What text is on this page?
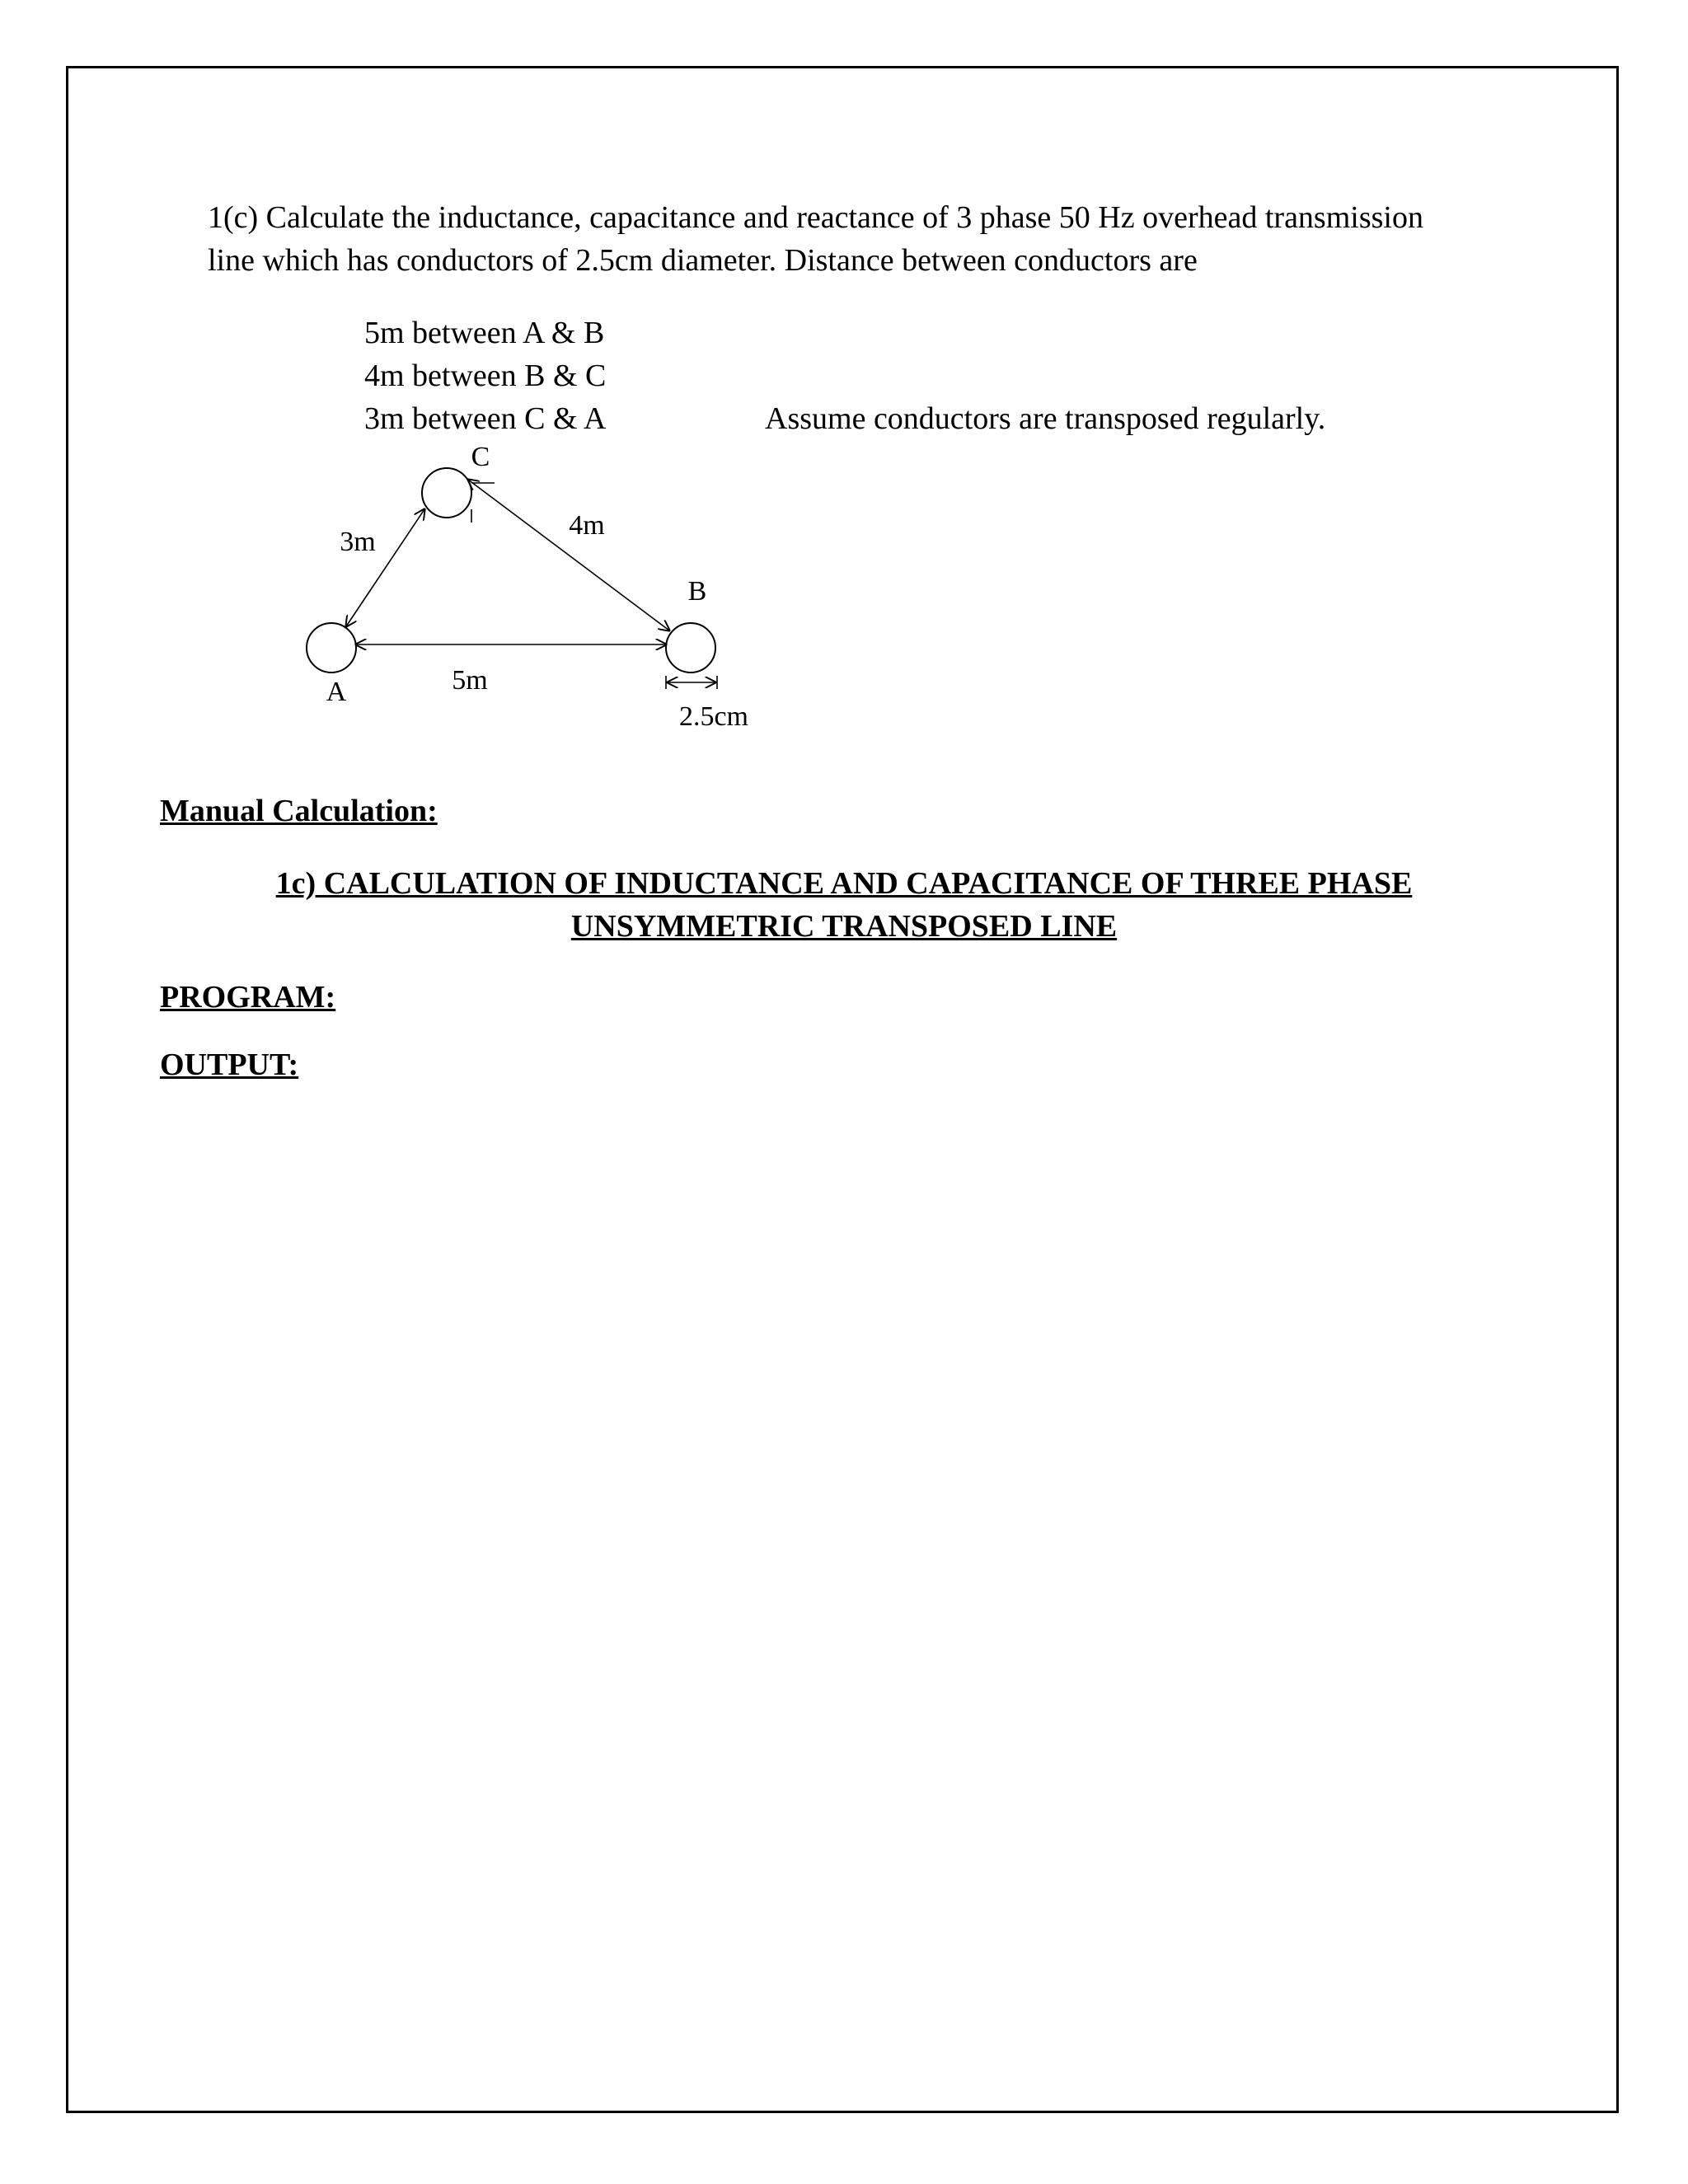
1(c) Calculate the inductance, capacitance and reactance of 3 phase 50 Hz overhead transmission
line which has conductors of 2.5cm diameter. Distance between conductors are
5m between A & B
4m between B & C
3m between C & A	Assume conductors are transposed regularly.
C
A
B
3m
4m
5m
2.5cm
Manual Calculation:
1c) CALCULATION OF INDUCTANCE AND CAPACITANCE OF THREE PHASE
UNSYMMETRIC TRANSPOSED LINE
PROGRAM:
OUTPUT:
